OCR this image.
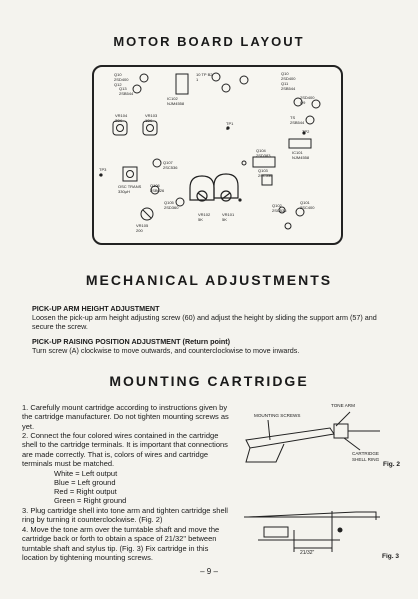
MOTOR BOARD LAYOUT
Q10
2SD400
Q12
Q13
2SB544
IC102
NJM4558
10 TP B2
1
Q10
2SD400
Q11
2SB544
2SD400
Q9
VR104
20K
VR103
10K
TP1
o
TS
2SB544
TP2
Q104
2SD383
Q107
2SC536
Q103
2SC536
IC101
NJM4558
TP3
o
OSC TRANS
330µH
Q106
2SB626
Q105
2SD360
VR102
5K
VR101
5K
VR105
200
Q102
2SC536
Q101
2SC400
MECHANICAL ADJUSTMENTS
PICK-UP ARM HEIGHT ADJUSTMENT
Loosen the pick-up arm height adjusting screw (60) and adjust the height by sliding the support arm (57) and secure the screw.
PICK-UP RAISING POSITION ADJUSTMENT (Return point)
Turn screw (A) clockwise to move outwards, and counterclockwise to move inwards.
MOUNTING CARTRIDGE
1. Carefully mount cartridge according to instructions given by the cartridge manufacturer. Do not tighten mounting screws as yet.
2. Connect the four colored wires contained in the cartridge shell to the cartridge terminals. It is important that connections are made correctly. That is, colors of wires and cartridge terminals must be matched.
White = Left output
Blue = Left ground
Red = Right output
Green = Right ground
3. Plug cartridge shell into tone arm and tighten cartridge shell ring by turning it counterclockwise. (Fig. 2)
4. Move the tone arm over the turntable shaft and move the cartridge back or forth to obtain a space of 21/32" between turntable shaft and stylus tip. (Fig. 3) Fix cartridge in this location by tightening mounting screws.
TONE ARM
MOUNTING SCREWS
CARTRIDGE
SHELL RING
Fig. 2
21/32"	Fig. 3
– 9 –
